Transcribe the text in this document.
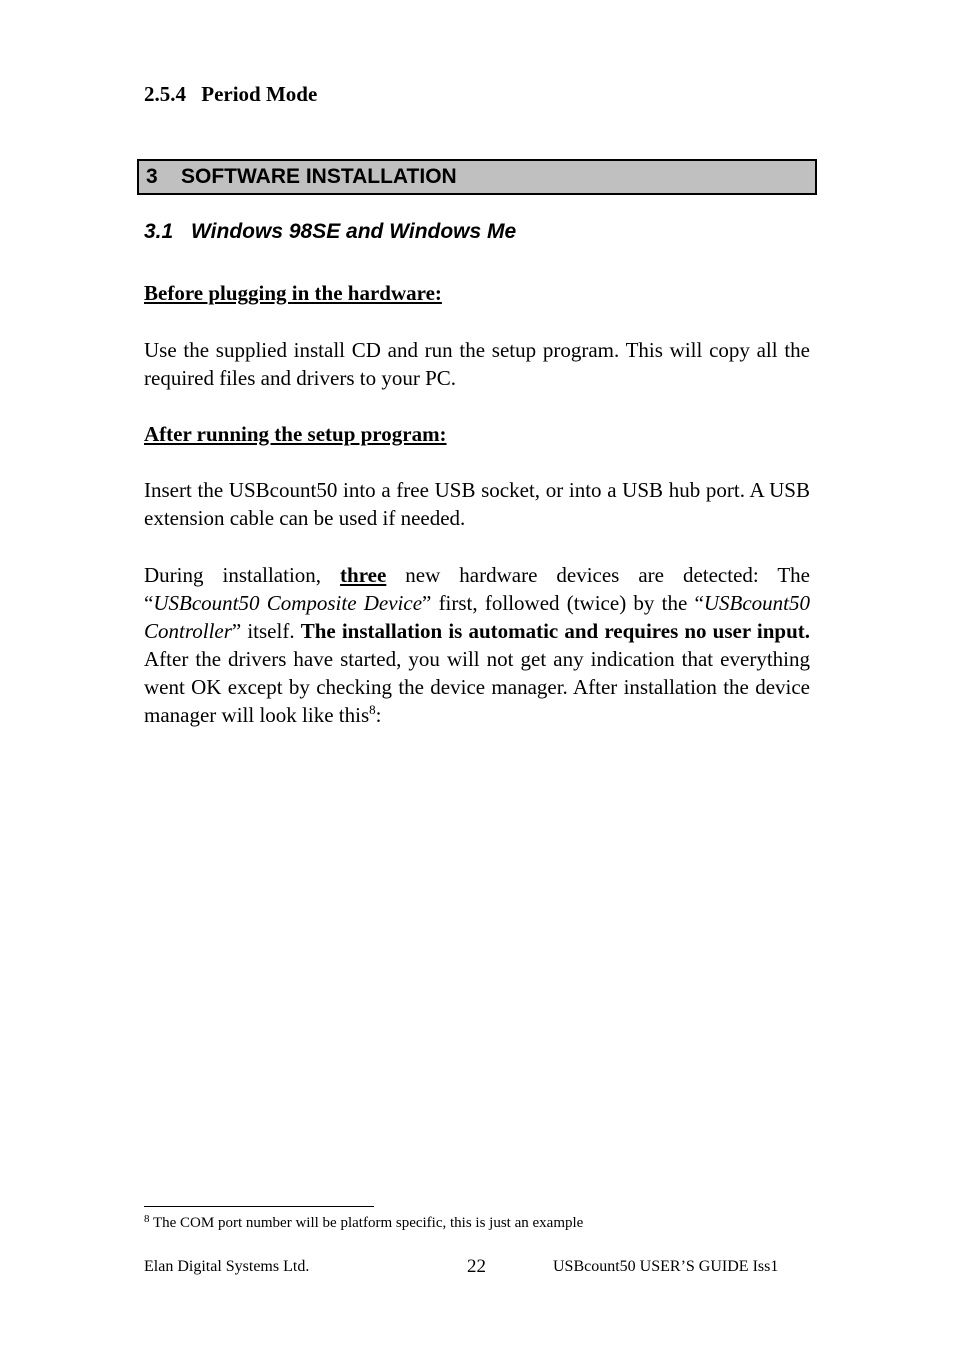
2.5.4 Period Mode
3 SOFTWARE INSTALLATION
3.1 Windows 98SE and Windows Me
Before plugging in the hardware:

Use the supplied install CD and run the setup program. This will copy all the required files and drivers to your PC.

After running the setup program:

Insert the USBcount50 into a free USB socket, or into a USB hub port. A USB extension cable can be used if needed.

During installation, three new hardware devices are detected: The “USBcount50 Composite Device” first, followed (twice) by the “USBcount50 Controller” itself. The installation is automatic and requires no user input. After the drivers have started, you will not get any indication that everything went OK except by checking the device manager. After installation the device manager will look like this$^8$:

$^8$ The COM port number will be platform specific, this is just an example
Elan Digital Systems Ltd.	22	USBcount50 USER’S GUIDE Iss1
